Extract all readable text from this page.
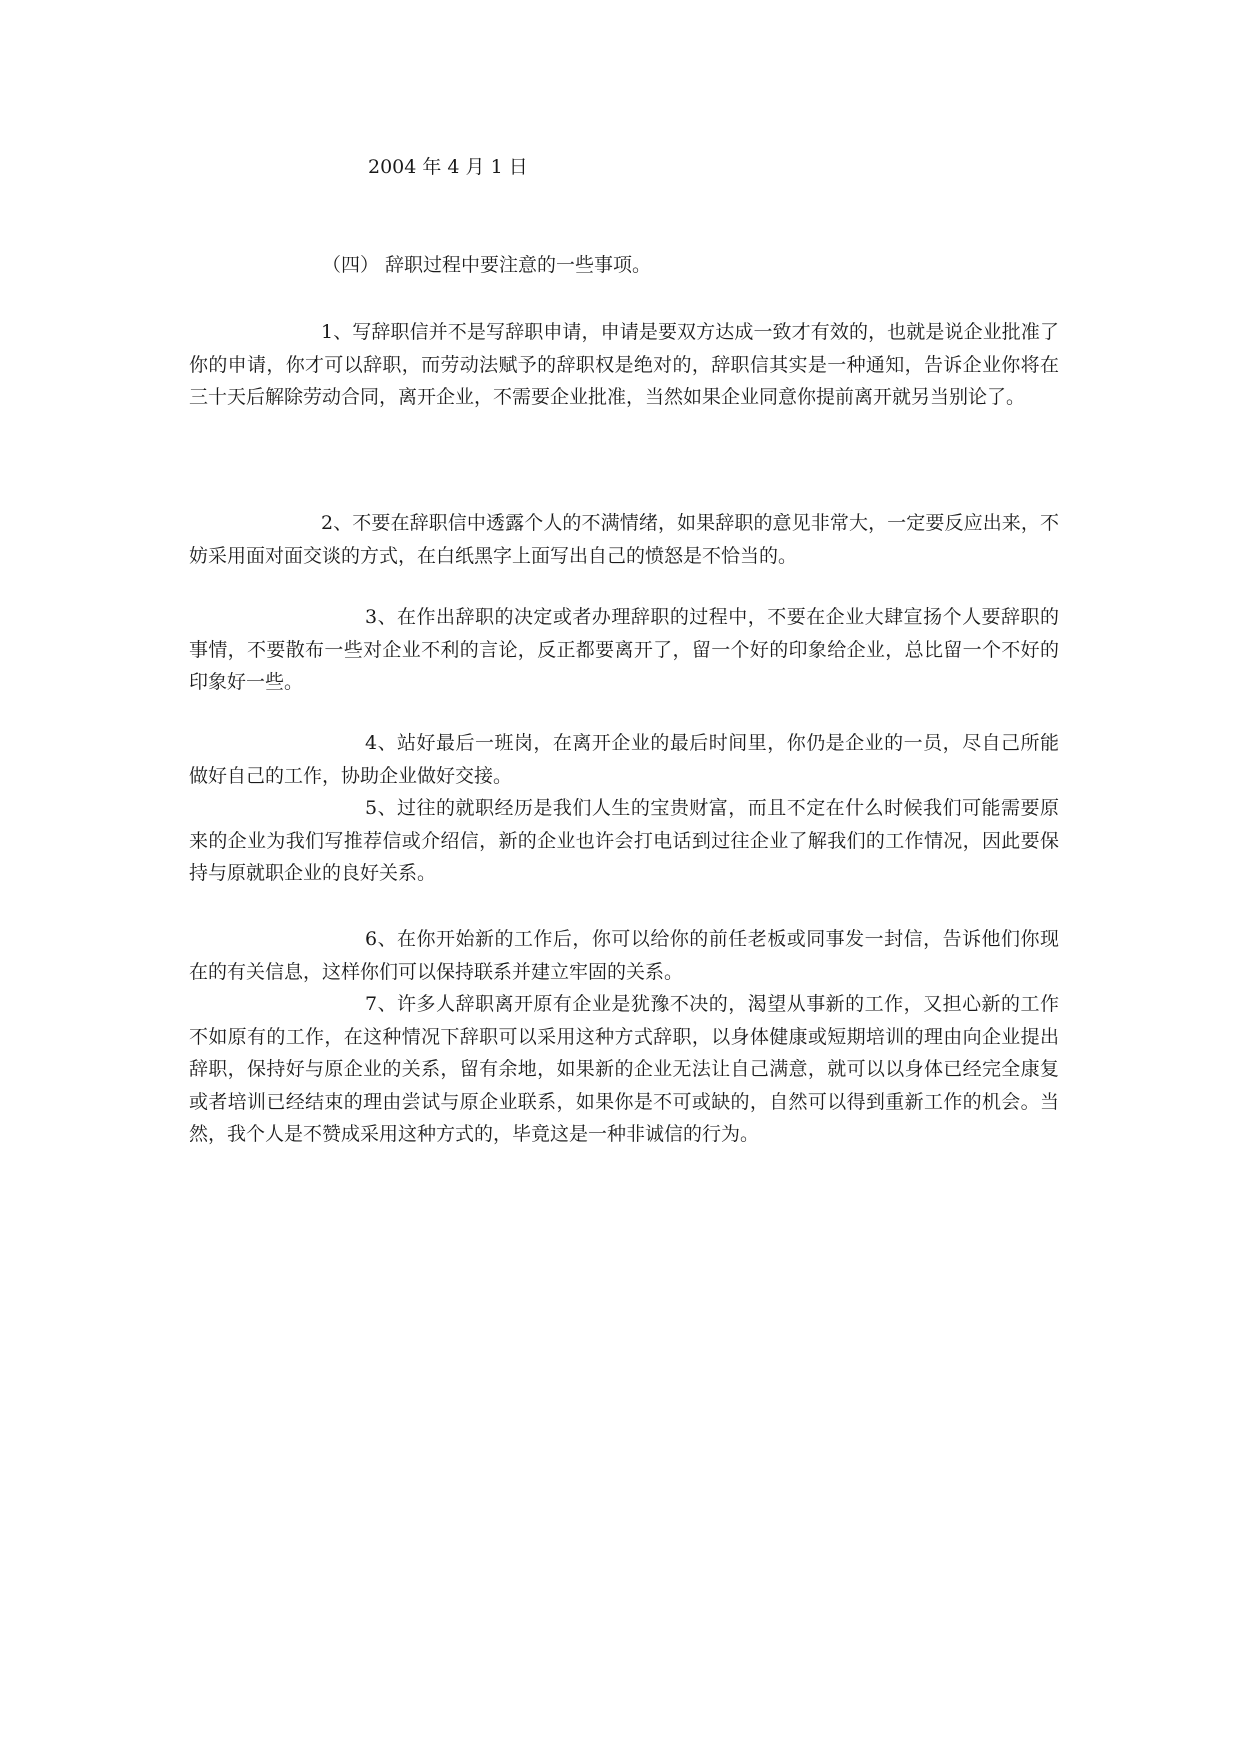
2004 年 4 月 1 日
（四） 辞职过程中要注意的一些事项。

1、写辞职信并不是写辞职申请，申请是要双方达成一致才有效的，也就是说企业批准了你的申请，你才可以辞职，而劳动法赋予的辞职权是绝对的，辞职信其实是一种通知，告诉企业你将在三十天后解除劳动合同，离开企业，不需要企业批准，当然如果企业同意你提前离开就另当别论了。

2、不要在辞职信中透露个人的不满情绪，如果辞职的意见非常大，一定要反应出来，不妨采用面对面交谈的方式，在白纸黑字上面写出自己的愤怒是不恰当的。

3、在作出辞职的决定或者办理辞职的过程中，不要在企业大肆宣扬个人要辞职的事情，不要散布一些对企业不利的言论，反正都要离开了，留一个好的印象给企业，总比留一个不好的印象好一些。

4、站好最后一班岗，在离开企业的最后时间里，你仍是企业的一员，尽自己所能做好自己的工作，协助企业做好交接。

5、过往的就职经历是我们人生的宝贵财富，而且不定在什么时候我们可能需要原来的企业为我们写推荐信或介绍信，新的企业也许会打电话到过往企业了解我们的工作情况，因此要保持与原就职企业的良好关系。

6、在你开始新的工作后，你可以给你的前任老板或同事发一封信，告诉他们你现在的有关信息，这样你们可以保持联系并建立牢固的关系。

7、许多人辞职离开原有企业是犹豫不决的，渴望从事新的工作，又担心新的工作不如原有的工作，在这种情况下辞职可以采用这种方式辞职，以身体健康或短期培训的理由向企业提出辞职，保持好与原企业的关系，留有余地，如果新的企业无法让自己满意，就可以以身体已经完全康复或者培训已经结束的理由尝试与原企业联系，如果你是不可或缺的，自然可以得到重新工作的机会。当然，我个人是不赞成采用这种方式的，毕竟这是一种非诚信的行为。
